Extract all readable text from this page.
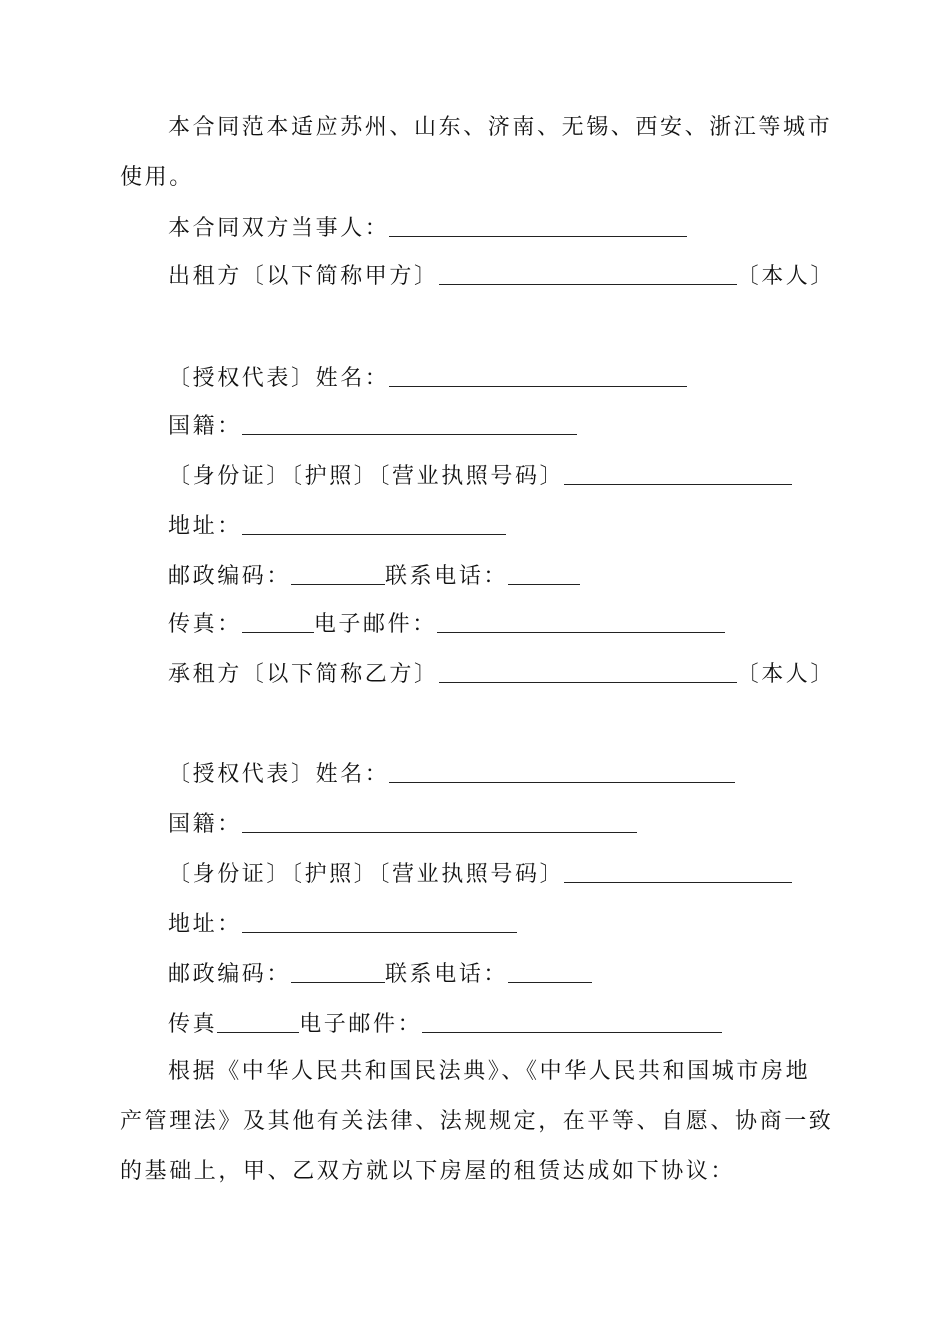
本合同范本适应苏州、山东、济南、无锡、西安、浙江等城市
使用。
本合同双方当事人：
出租方〔以下简称甲方〕	〔本人〕
〔授权代表〕姓名：
国籍：
〔身份证〕〔护照〕〔营业执照号码〕
地址：
邮政编码：	联系电话：
传真：	电子邮件：
承租方〔以下简称乙方〕	〔本人〕
〔授权代表〕姓名：
国籍：
〔身份证〕〔护照〕〔营业执照号码〕
地址：
邮政编码：	联系电话：
传真	电子邮件：
根据《中华人民共和国民法典》、《中华人民共和国城市房地
产管理法》及其他有关法律、法规规定，在平等、自愿、协商一致
的基础上，甲、乙双方就以下房屋的租赁达成如下协议：
